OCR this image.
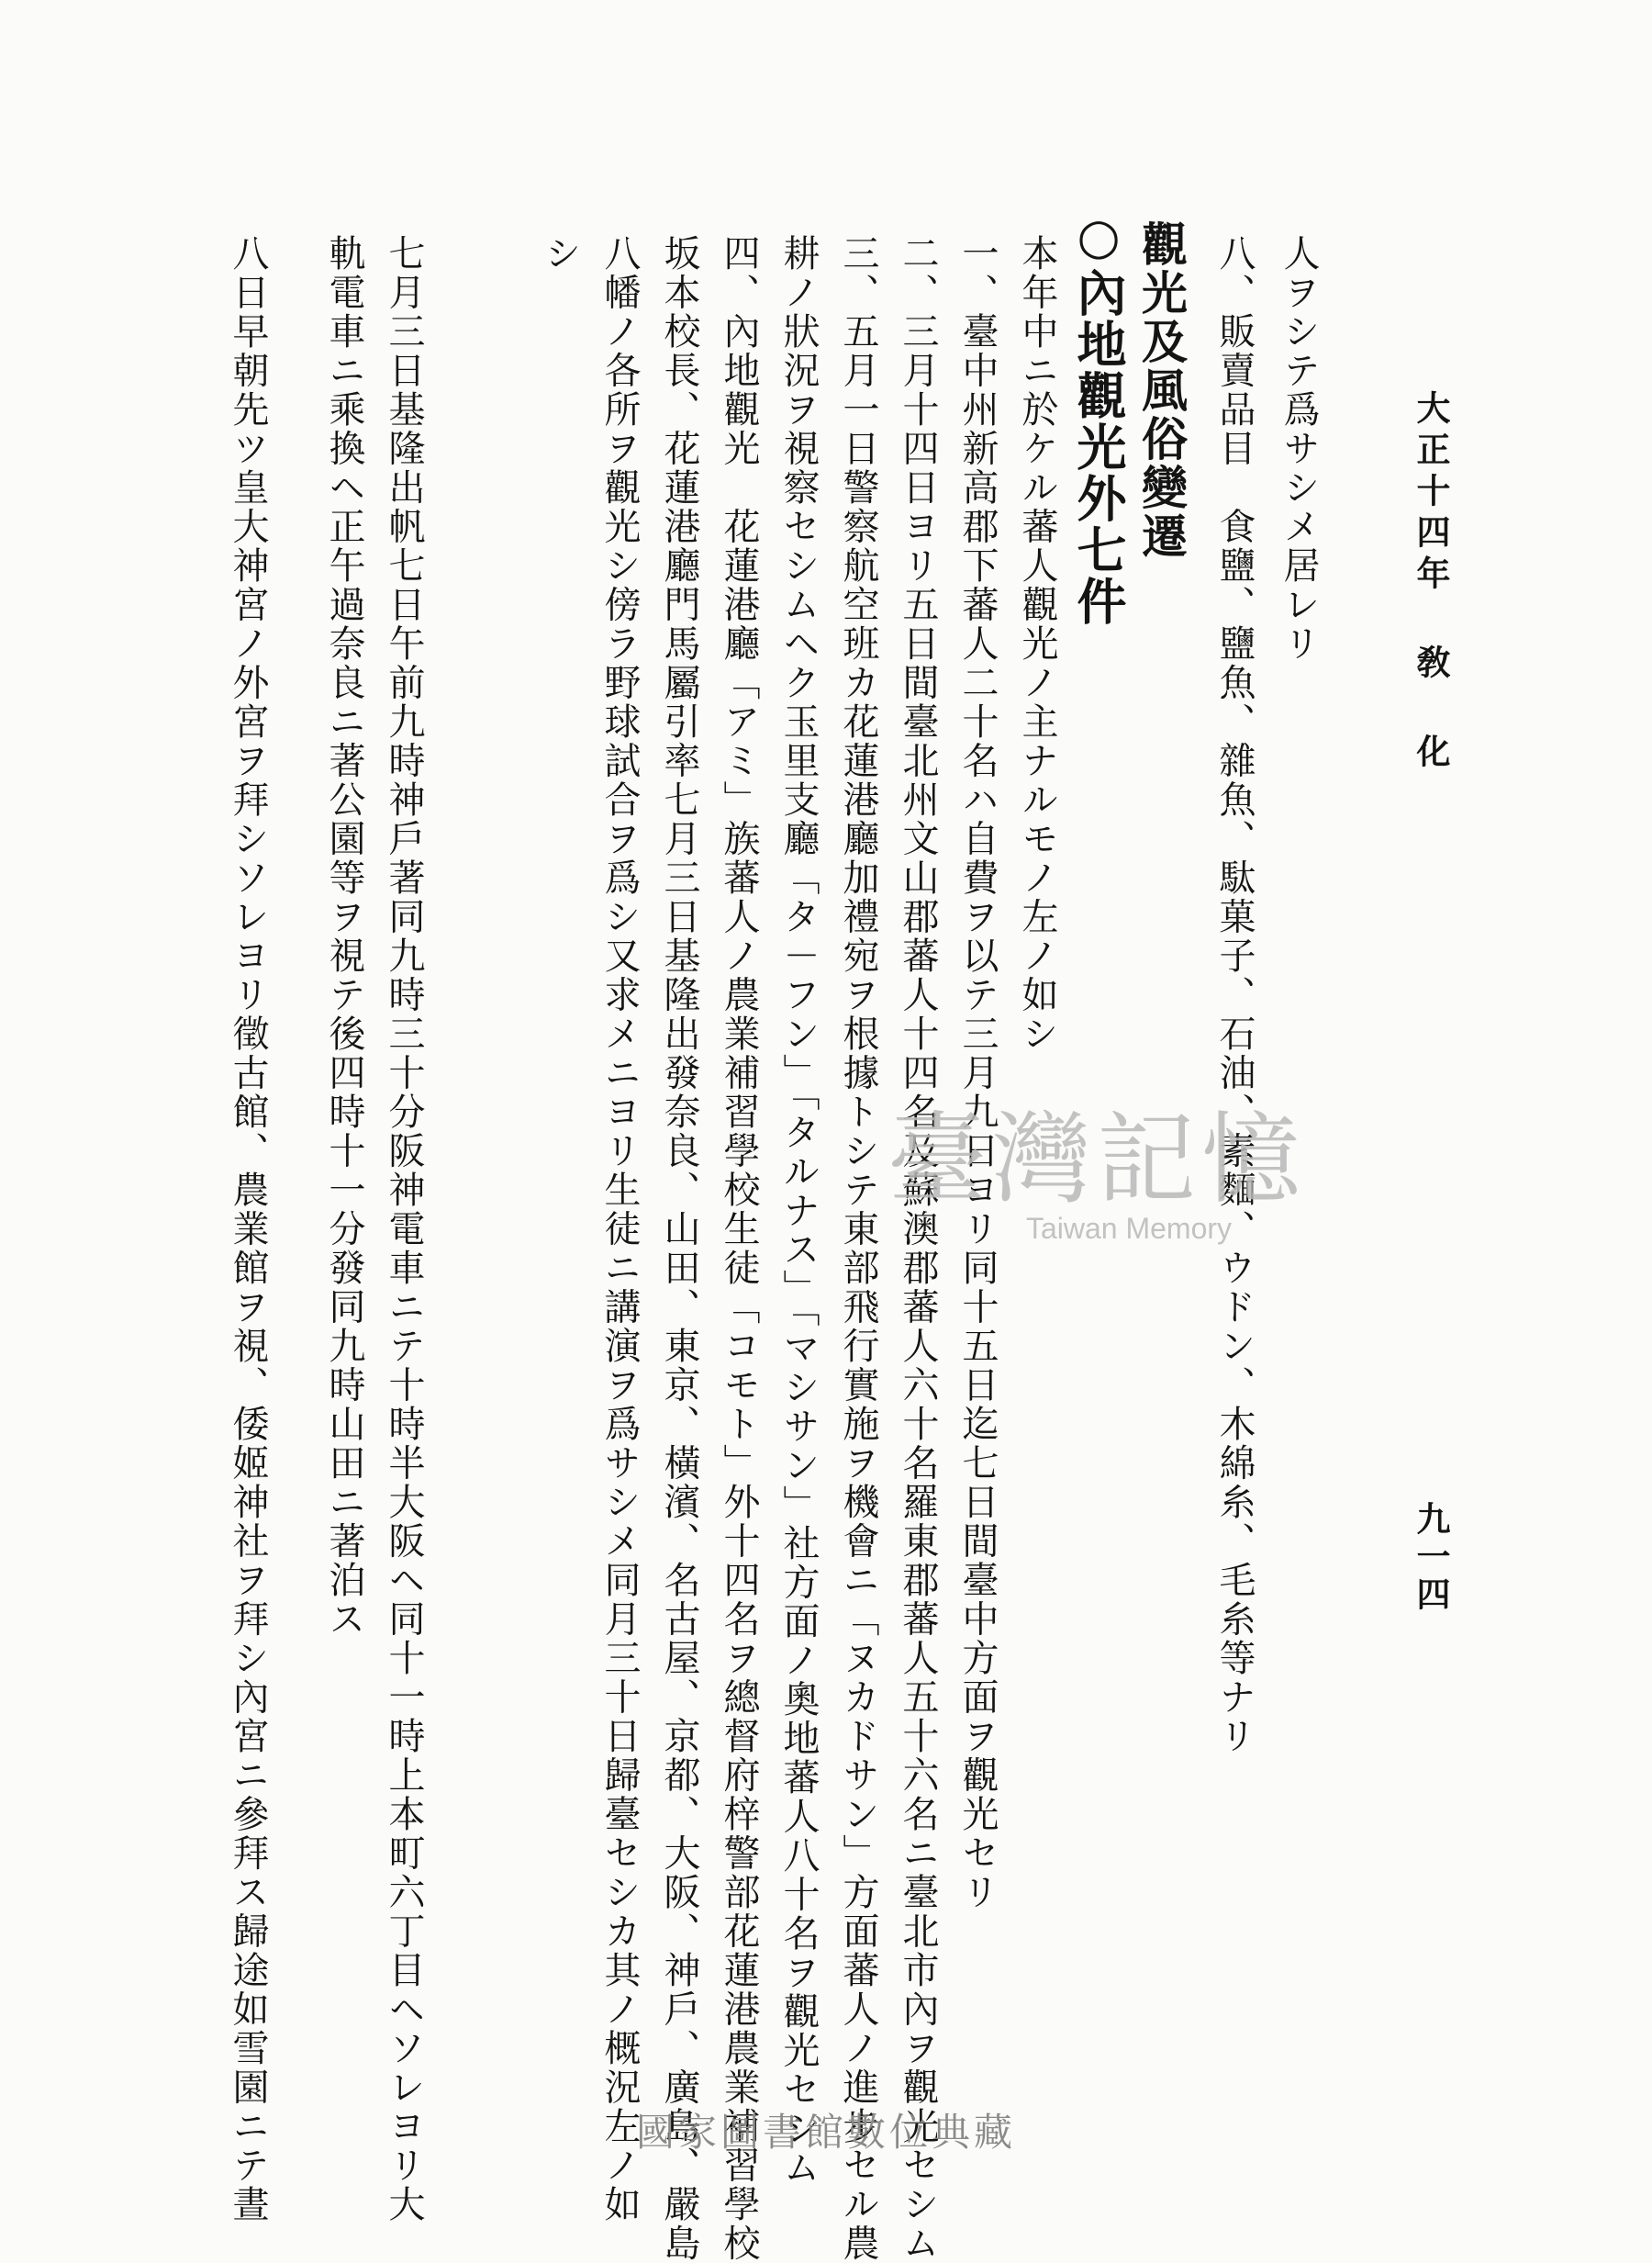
大正十四年 敎 化
九一四
人ヲシテ爲サシメ居レリ
八、販賣品目　食鹽、鹽魚、雜魚、駄菓子、石油、素麵、ウドン、木綿糸、毛糸等ナリ
觀光及風俗變遷
○內地觀光外七件
本年中ニ於ケル蕃人觀光ノ主ナルモノ左ノ如シ
一、臺中州新高郡下蕃人二十名ハ自費ヲ以テ三月九日ヨリ同十五日迄七日間臺中方面ヲ觀光セリ
二、三月十四日ヨリ五日間臺北州文山郡蕃人十四名及蘇澳郡蕃人六十名羅東郡蕃人五十六名ニ臺北市內ヲ觀光セシム
三、五月一日警察航空班カ花蓮港廳加禮宛ヲ根據トシテ東部飛行實施ヲ機會ニ「ヌカドサン」方面蕃人ノ進步セル農
耕ノ狀況ヲ視察セシムヘク玉里支廳「タ－フン」「タルナス」「マシサン」社方面ノ奧地蕃人八十名ヲ觀光セシム
四、內地觀光　花蓮港廳「アミ」族蕃人ノ農業補習學校生徒「コモト」外十四名ヲ總督府梓警部花蓮港農業補習學校
坂本校長、花蓮港廳門馬屬引率七月三日基隆出發奈良、山田、東京、橫濱、名古屋、京都、大阪、神戶、廣島、嚴島
八幡ノ各所ヲ觀光シ傍ラ野球試合ヲ爲シ又求メニヨリ生徒ニ講演ヲ爲サシメ同月三十日歸臺セシカ其ノ概況左ノ如
シ
七月三日基隆出帆七日午前九時神戶著同九時三十分阪神電車ニテ十時半大阪ヘ同十一時上本町六丁目ヘソレヨリ大
軌電車ニ乘換ヘ正午過奈良ニ著公園等ヲ視テ後四時十一分發同九時山田ニ著泊ス
八日早朝先ツ皇大神宮ノ外宮ヲ拜シソレヨリ徵古館、農業館ヲ視、倭姬神社ヲ拜シ內宮ニ參拜ス歸途如雪園ニテ晝	臺灣記憶
Taiwan Memory
國家圖書館數位典藏
